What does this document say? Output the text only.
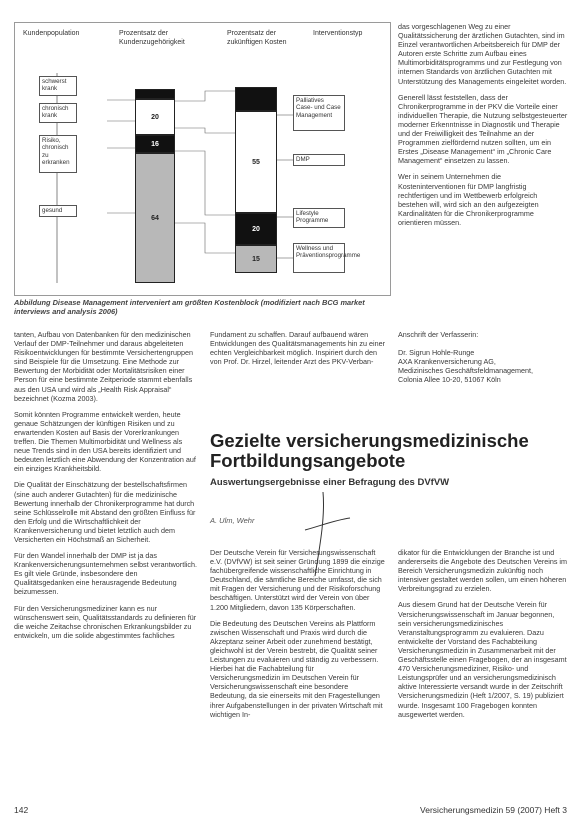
Kundenpopulation	Prozentsatz der Kundenzugehörigkeit
Prozentsatz der zukünftigen Kosten
Interventionstyp
schwerst krank
chronisch krank
Risiko, chronisch zu erkranken
gesund
20
16
64
55
20
15
Palliatives Case- und Case Management
DMP
Lifestyle Programme
Wellness und Präventionsprogramme
Abbildung Disease Management interveniert am größten Kostenblock (modifiziert nach BCG market interviews and analysis 2006)

das vorgeschlagenen Weg zu einer Qualitätssicherung der ärztlichen Gutachten, sind im Einzel verantwortlichen Arbeitsbereich für DMP der Autoren erste Schritte zum Aufbau eines Multimorbiditätsprogramms und zur Festlegung von internen Standards von ärztlichen Gutachten mit Unterstützung des Managements eingeleitet worden.

Generell lässt feststellen, dass der Chronikerprogramme in der PKV die Vorteile einer individuellen Therapie, die Nutzung selbstgesteuerter moderner Erkenntnisse in Diagnostik und Therapie und der Freiwilligkeit des Teilnahme an der Programmen zielfördernd nutzen sollten, um ein Erstes „Disease Management“ im „Chronic Care Management“ einsetzen zu lassen.

Wer in seinem Unternehmen die Kosteninterventionen für DMP langfristig rechtfertigen und im Wettbewerb erfolgreich bestehen will, wird sich an den aufgezeigten Kardinalitäten für die Chronikerprogramme orientieren müssen.

tanten, Aufbau von Datenbanken für den medizinischen Verlauf der DMP-Teilnehmer und daraus abgeleiteten Risikoentwicklungen für bestimmte Versichertengruppen sind Beispiele für die Umsetzung. Eine Methode zur Bewertung der Morbidität oder Mortalitätsrisiken einer Person für eine bestimmte Zeitperiode stammt ebenfalls aus den USA und wird als „Health Risk Appraisal“ bezeichnet (Kozma 2003).

Somit könnten Programme entwickelt werden, heute genaue Schätzungen der künftigen Risiken und zu erwartenden Kosten auf Basis der Vorerkrankungen treffen. Die Themen Multimorbidität und Wellness als neue Trends sind in den USA bereits identifiziert und bedeuten letztlich eine Abwendung der Konzentration auf ein einziges Krankheitsbild.

Die Qualität der Einschätzung der bestellschaftsfirmen (sine auch anderer Gutachten) für die medizinische Bewertung innerhalb der Chronikerprogramme hat durch seine Schlüsselrolle mit Abstand den größten Einfluss für den Erfolg und die Wirtschaftlichkeit der Krankenversicherung und bietet letztlich auch dem Versicherten ein Höchstmaß an Sicherheit.

Für den Wandel innerhalb der DMP ist ja das Krankenversicherungsunternehmen selbst verantwortlich. Es gilt viele Gründe, insbesondere den Qualitätsgedanken eine herausragende Bedeutung beizumessen.

Für den Versicherungsmediziner kann es nur wünschenswert sein, Qualitätsstandards zu definieren für die weiche Zeitachse chronischen Erkrankungsbilder zu entwickeln, um die solide abgestimmtes fachliches

Fundament zu schaffen. Darauf aufbauend wären Entwicklungen des Qualitätsmanagements hin zu einer echten Vergleichbarkeit möglich. Inspiriert durch den von Prof. Dr. Hirzel, leitender Arzt des PKV-Verban-

Anschrift der Verfasserin:

Dr. Sigrun Hohle-Runge
AXA Krankenversicherung AG,
Medizinisches Geschäftsfeldmanagement,
Colonia Allee 10-20, 51067 Köln
Gezielte versicherungsmedizinische Fortbildungsangebote
Auswertungsergebnisse einer Befragung des DVfVW
A. Ulm, Wehr

Der Deutsche Verein für Versicherungswissenschaft e.V. (DVfVW) ist seit seiner Gründung 1899 die einzige fachübergreifende wissenschaftliche Einrichtung in Deutschland, die sämtliche Bereiche umfasst, die sich mit Fragen der Versicherung und der Risikoforschung beschäftigen. Unterstützt wird der Verein von über 1.200 Mitgliedern, davon 135 Körperschaften.

Die Bedeutung des Deutschen Vereins als Plattform zwischen Wissenschaft und Praxis wird durch die Akzeptanz seiner Arbeit oder zunehmend bestätigt, gleichwohl ist der Verein bestrebt, die Qualität seiner Leistungen zu evaluieren und ständig zu verbessern. Hierbei hat die Fachabteilung für Versicherungsmedizin im Deutschen Verein für Versicherungswissenschaft eine besondere Bedeutung, da sie einerseits mit den Fragestellungen ihrer Aufgabenstellungen in der privaten Wirtschaft mit wichtigen In-

dikator für die Entwicklungen der Branche ist und andererseits die Angebote des Deutschen Vereins im Bereich Versicherungsmedizin zukünftig noch intensiver gestaltet werden sollen, um einen höheren Verbreitungsgrad zu erzielen.

Aus diesem Grund hat der Deutsche Verein für Versicherungswissenschaft im Januar begonnen, sein versicherungsmedizinisches Veranstaltungsprogramm zu evaluieren. Dazu entwickelte der Vorstand des Fachabteilung Versicherungsmedizin in Zusammenarbeit mit der Geschäftsstelle einen Fragebogen, der an insgesamt 470 Versicherungsmediziner, Risiko- und Leistungsprüfer und an versicherungsmedizinisch aktive Interessierte versandt wurde in der Zeitschrift Versicherungsmedizin (Heft 1/2007, S. 19) publiziert wurde. Insgesamt 100 Fragebogen konnten ausgewertet werden.

142	Versicherungsmedizin 59 (2007) Heft 3
